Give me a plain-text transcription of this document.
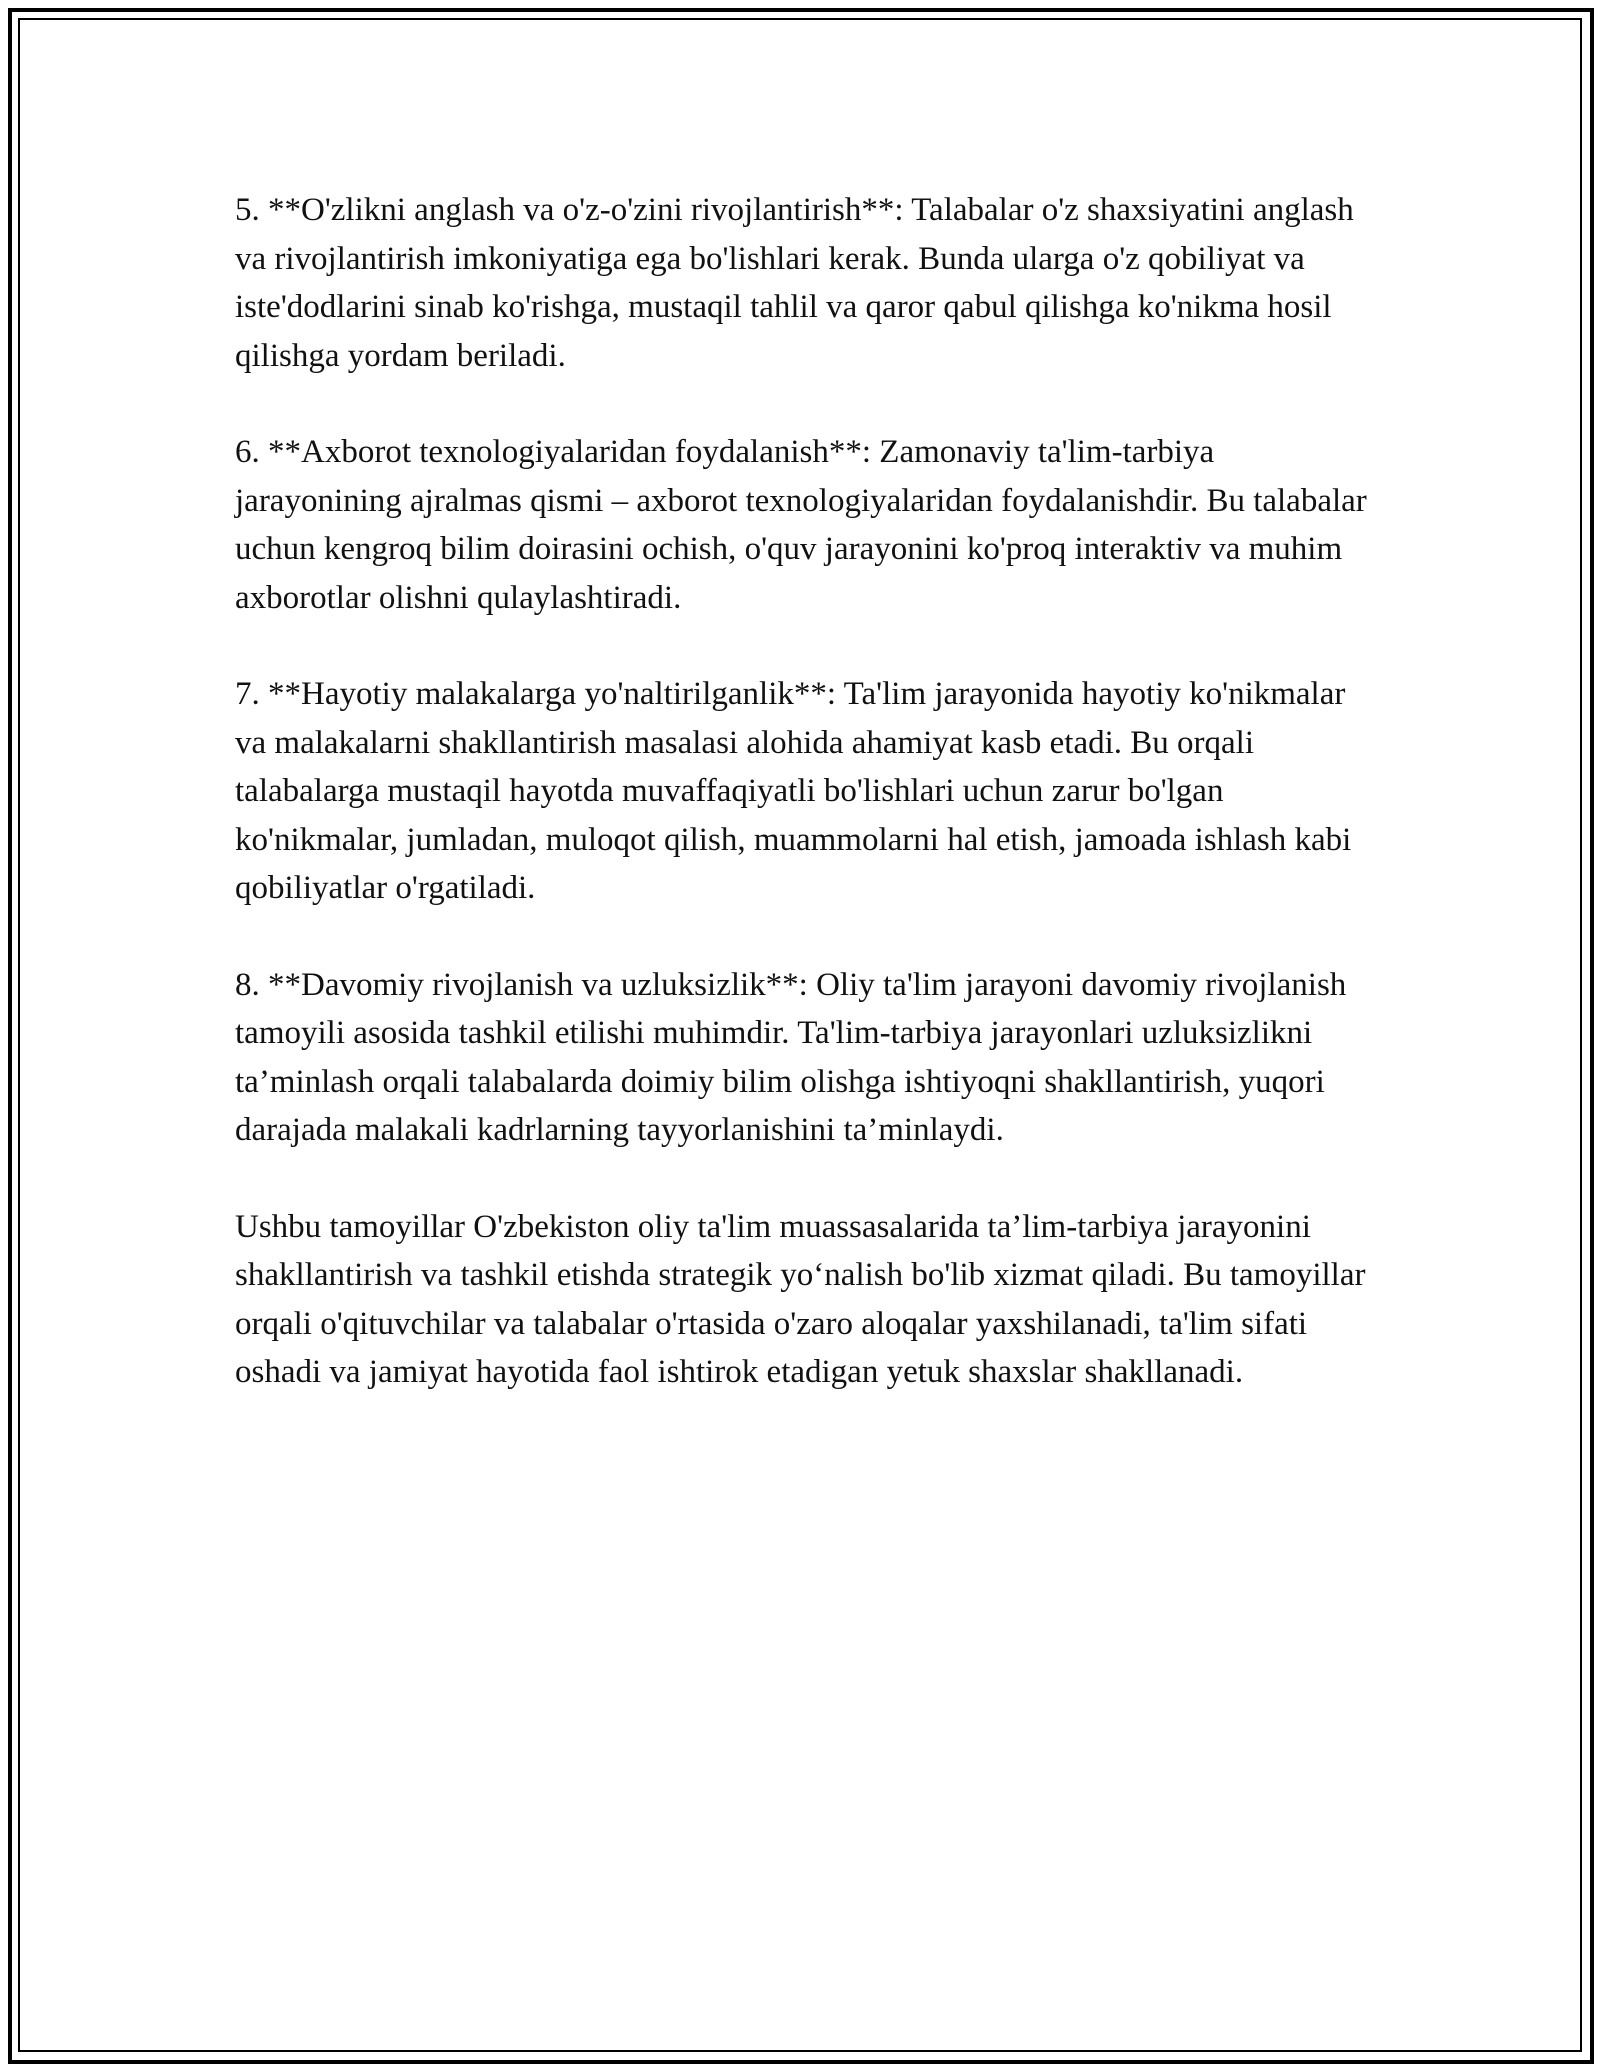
5. **O'zlikni anglash va o'z-o'zini rivojlantirish**: Talabalar o'z shaxsiyatini anglash va rivojlantirish imkoniyatiga ega bo'lishlari kerak. Bunda ularga o'z qobiliyat va iste'dodlarini sinab ko'rishga, mustaqil tahlil va qaror qabul qilishga ko'nikma hosil qilishga yordam beriladi.

6. **Axborot texnologiyalaridan foydalanish**: Zamonaviy ta'lim-tarbiya jarayonining ajralmas qismi – axborot texnologiyalaridan foydalanishdir. Bu talabalar uchun kengroq bilim doirasini ochish, o'quv jarayonini ko'proq interaktiv va muhim axborotlar olishni qulaylashtiradi.

7. **Hayotiy malakalarga yo'naltirilganlik**: Ta'lim jarayonida hayotiy ko'nikmalar va malakalarni shakllantirish masalasi alohida ahamiyat kasb etadi. Bu orqali talabalarga mustaqil hayotda muvaffaqiyatli bo'lishlari uchun zarur bo'lgan ko'nikmalar, jumladan, muloqot qilish, muammolarni hal etish, jamoada ishlash kabi qobiliyatlar o'rgatiladi.

8. **Davomiy rivojlanish va uzluksizlik**: Oliy ta'lim jarayoni davomiy rivojlanish tamoyili asosida tashkil etilishi muhimdir. Ta'lim-tarbiya jarayonlari uzluksizlikni ta’minlash orqali talabalarda doimiy bilim olishga ishtiyoqni shakllantirish, yuqori darajada malakali kadrlarning tayyorlanishini ta’minlaydi.

Ushbu tamoyillar O'zbekiston oliy ta'lim muassasalarida ta’lim-tarbiya jarayonini shakllantirish va tashkil etishda strategik yo‘nalish bo'lib xizmat qiladi. Bu tamoyillar orqali o'qituvchilar va talabalar o'rtasida o'zaro aloqalar yaxshilanadi, ta'lim sifati oshadi va jamiyat hayotida faol ishtirok etadigan yetuk shaxslar shakllanadi.
